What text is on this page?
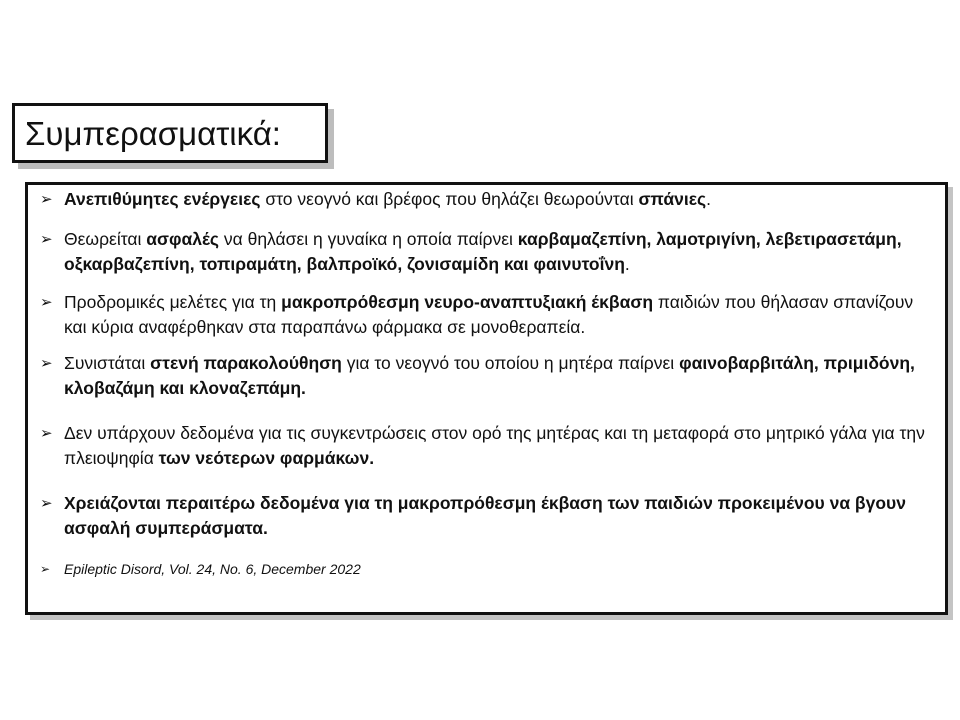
Συμπερασματικά:
➢ Ανεπιθύμητες ενέργειες στο νεογνό και βρέφος που θηλάζει θεωρούνται σπάνιες.
➢ Θεωρείται ασφαλές να θηλάσει η γυναίκα η οποία παίρνει καρβαμαζεπίνη, λαμοτριγίνη, λεβετιρασετάμη, οξκαρβαζεπίνη, τοπιραμάτη, βαλπροϊκό, ζονισαμίδη και φαινυτοΐνη.
➢ Προδρομικές μελέτες για τη μακροπρόθεσμη νευρο-αναπτυξιακή έκβαση παιδιών που θήλασαν σπανίζουν και κύρια αναφέρθηκαν στα παραπάνω φάρμακα σε μονοθεραπεία.
➢ Συνιστάται στενή παρακολούθηση για το νεογνό του οποίου η μητέρα παίρνει φαινοβαρβιτάλη, πριμιδόνη, κλοβαζάμη και κλοναζεπάμη.
➢ Δεν υπάρχουν δεδομένα για τις συγκεντρώσεις στον ορό της μητέρας και τη μεταφορά στο μητρικό γάλα για την πλειοψηφία των νεότερων φαρμάκων.
➢ Χρειάζονται περαιτέρω δεδομένα για τη μακροπρόθεσμη έκβαση των παιδιών προκειμένου να βγουν ασφαλή συμπεράσματα.
➢ Epileptic Disord, Vol. 24, No. 6, December 2022
